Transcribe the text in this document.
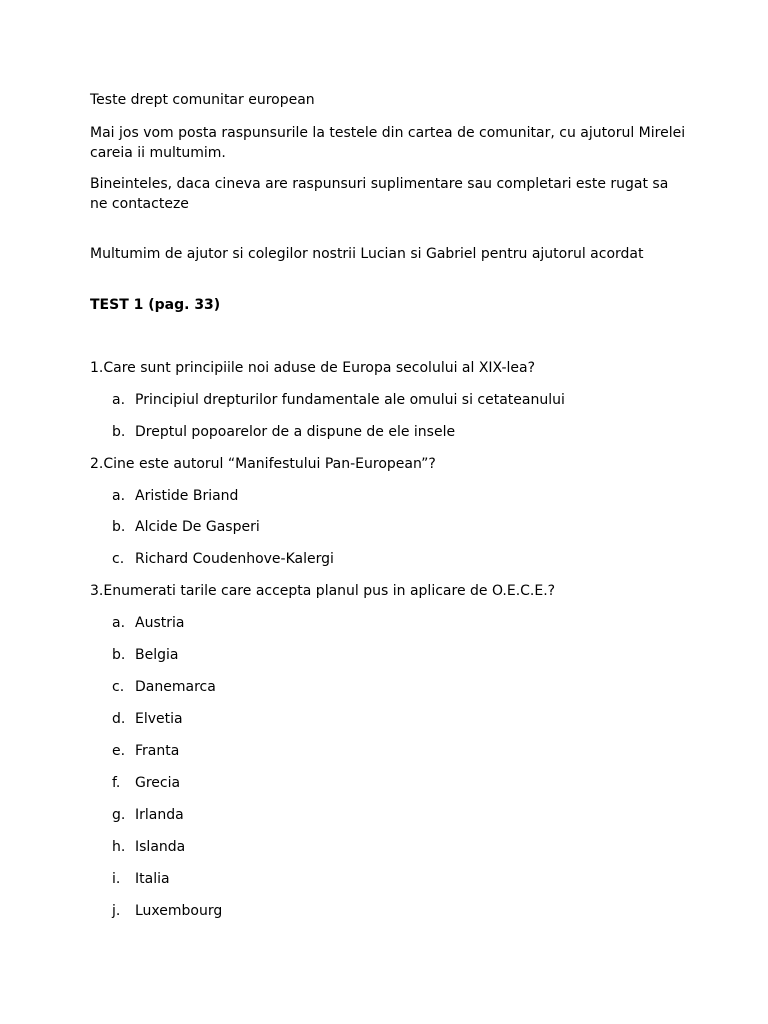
Teste drept comunitar european
Mai jos vom posta raspunsurile la testele din cartea de comunitar, cu ajutorul Mirelei
careia ii multumim.
Bineinteles, daca cineva are raspunsuri suplimentare sau completari este rugat sa
ne contacteze
Multumim de ajutor si colegilor nostrii Lucian si Gabriel pentru ajutorul acordat
TEST 1 (pag. 33)
1.Care sunt principiile noi aduse de Europa secolului al XIX-lea?
a. Principiul drepturilor fundamentale ale omului si cetateanului
b. Dreptul popoarelor de a dispune de ele insele
2.Cine este autorul “Manifestului Pan-European”?
a. Aristide Briand
b. Alcide De Gasperi
c. Richard Coudenhove-Kalergi
3.Enumerati tarile care accepta planul pus in aplicare de O.E.C.E.?
a. Austria
b. Belgia
c. Danemarca
d. Elvetia
e. Franta
f. Grecia
g. Irlanda
h. Islanda
i. Italia
j. Luxembourg
